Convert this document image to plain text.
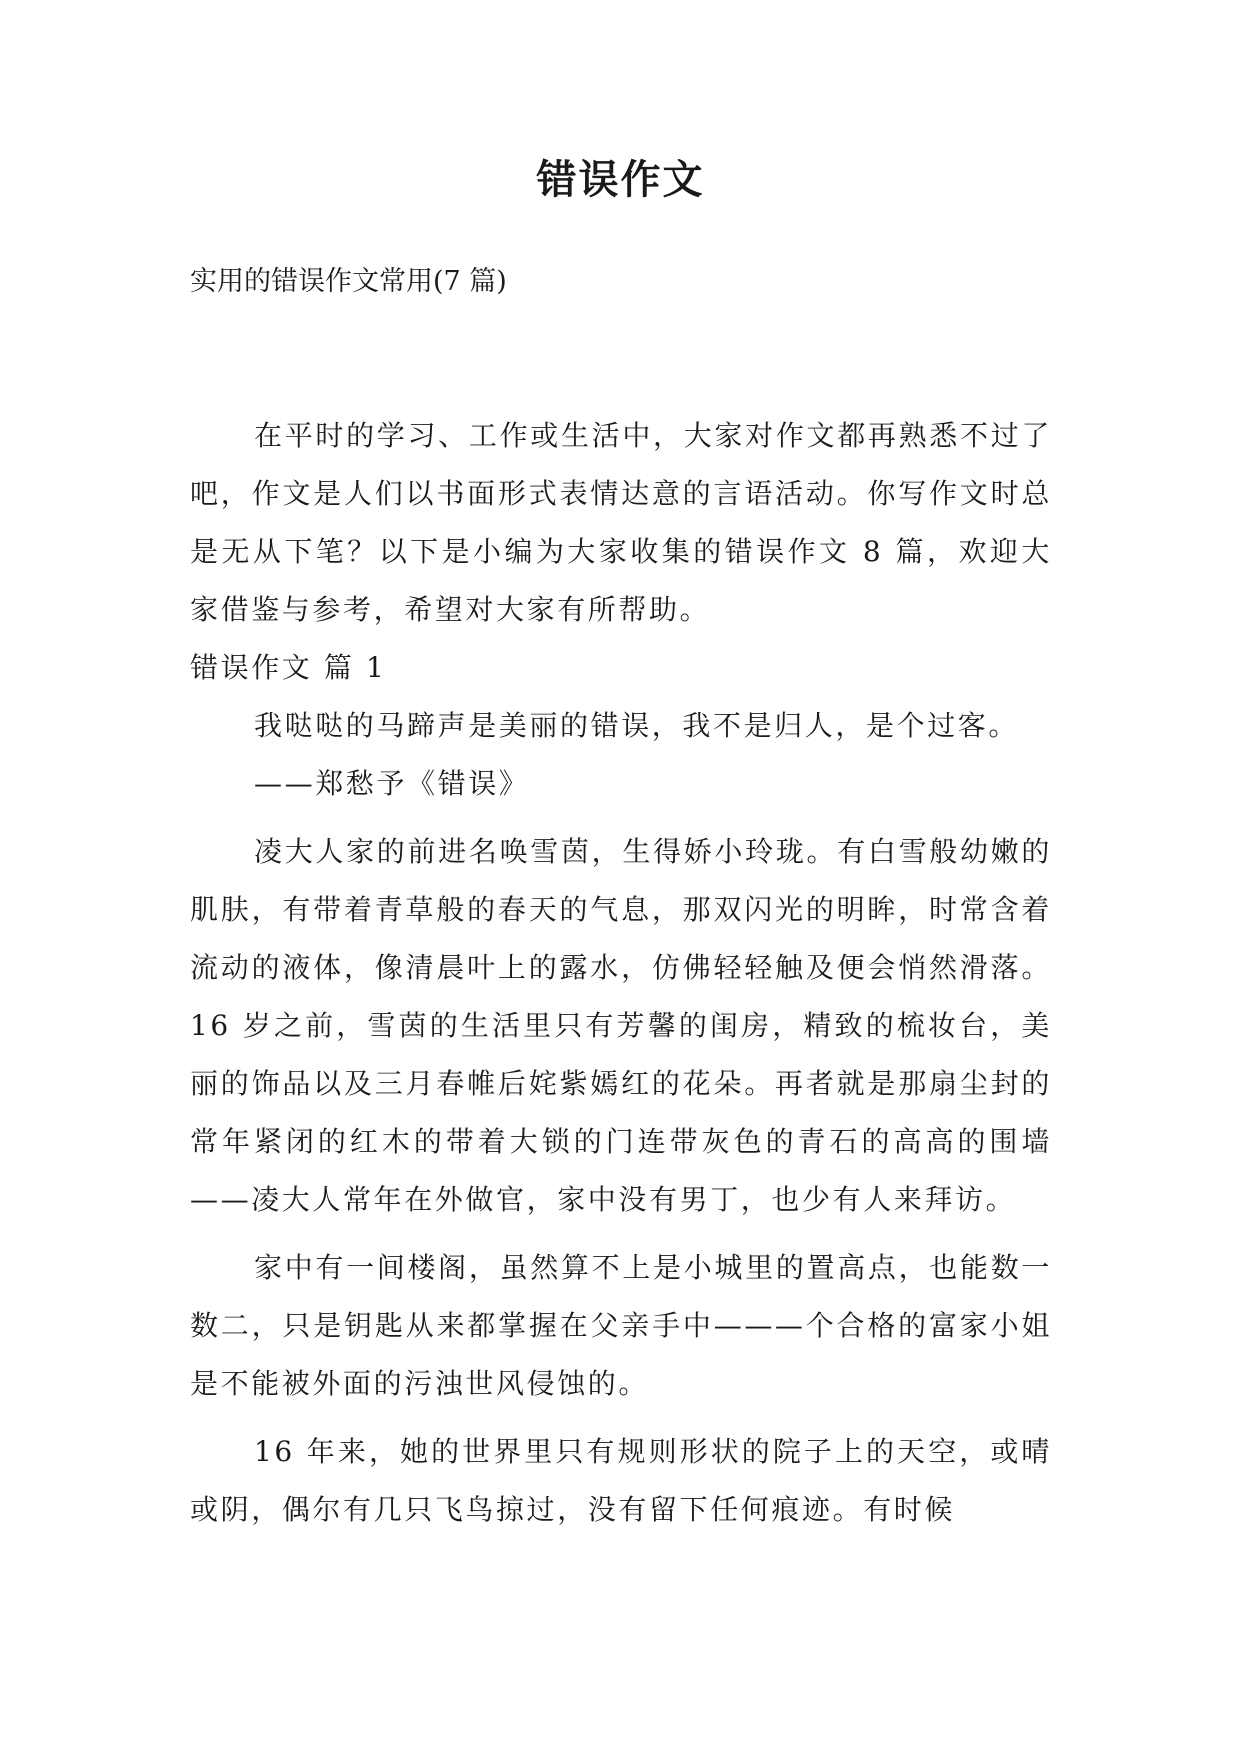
错误作文

实用的错误作文常用(7 篇)

在平时的学习、工作或生活中，大家对作文都再熟悉不过了吧，作文是人们以书面形式表情达意的言语活动。你写作文时总是无从下笔？以下是小编为大家收集的错误作文 8 篇，欢迎大家借鉴与参考，希望对大家有所帮助。

错误作文 篇 1

我哒哒的马蹄声是美丽的错误，我不是归人，是个过客。

——郑愁予《错误》

凌大人家的前进名唤雪茵，生得娇小玲珑。有白雪般幼嫩的肌肤，有带着青草般的春天的气息，那双闪光的明眸，时常含着流动的液体，像清晨叶上的露水，仿佛轻轻触及便会悄然滑落。16 岁之前，雪茵的生活里只有芳馨的闺房，精致的梳妆台，美丽的饰品以及三月春帷后姹紫嫣红的花朵。再者就是那扇尘封的常年紧闭的红木的带着大锁的门连带灰色的青石的高高的围墙——凌大人常年在外做官，家中没有男丁，也少有人来拜访。

家中有一间楼阁，虽然算不上是小城里的置高点，也能数一数二，只是钥匙从来都掌握在父亲手中———个合格的富家小姐是不能被外面的污浊世风侵蚀的。

16 年来，她的世界里只有规则形状的院子上的天空，或晴或阴，偶尔有几只飞鸟掠过，没有留下任何痕迹。有时候
